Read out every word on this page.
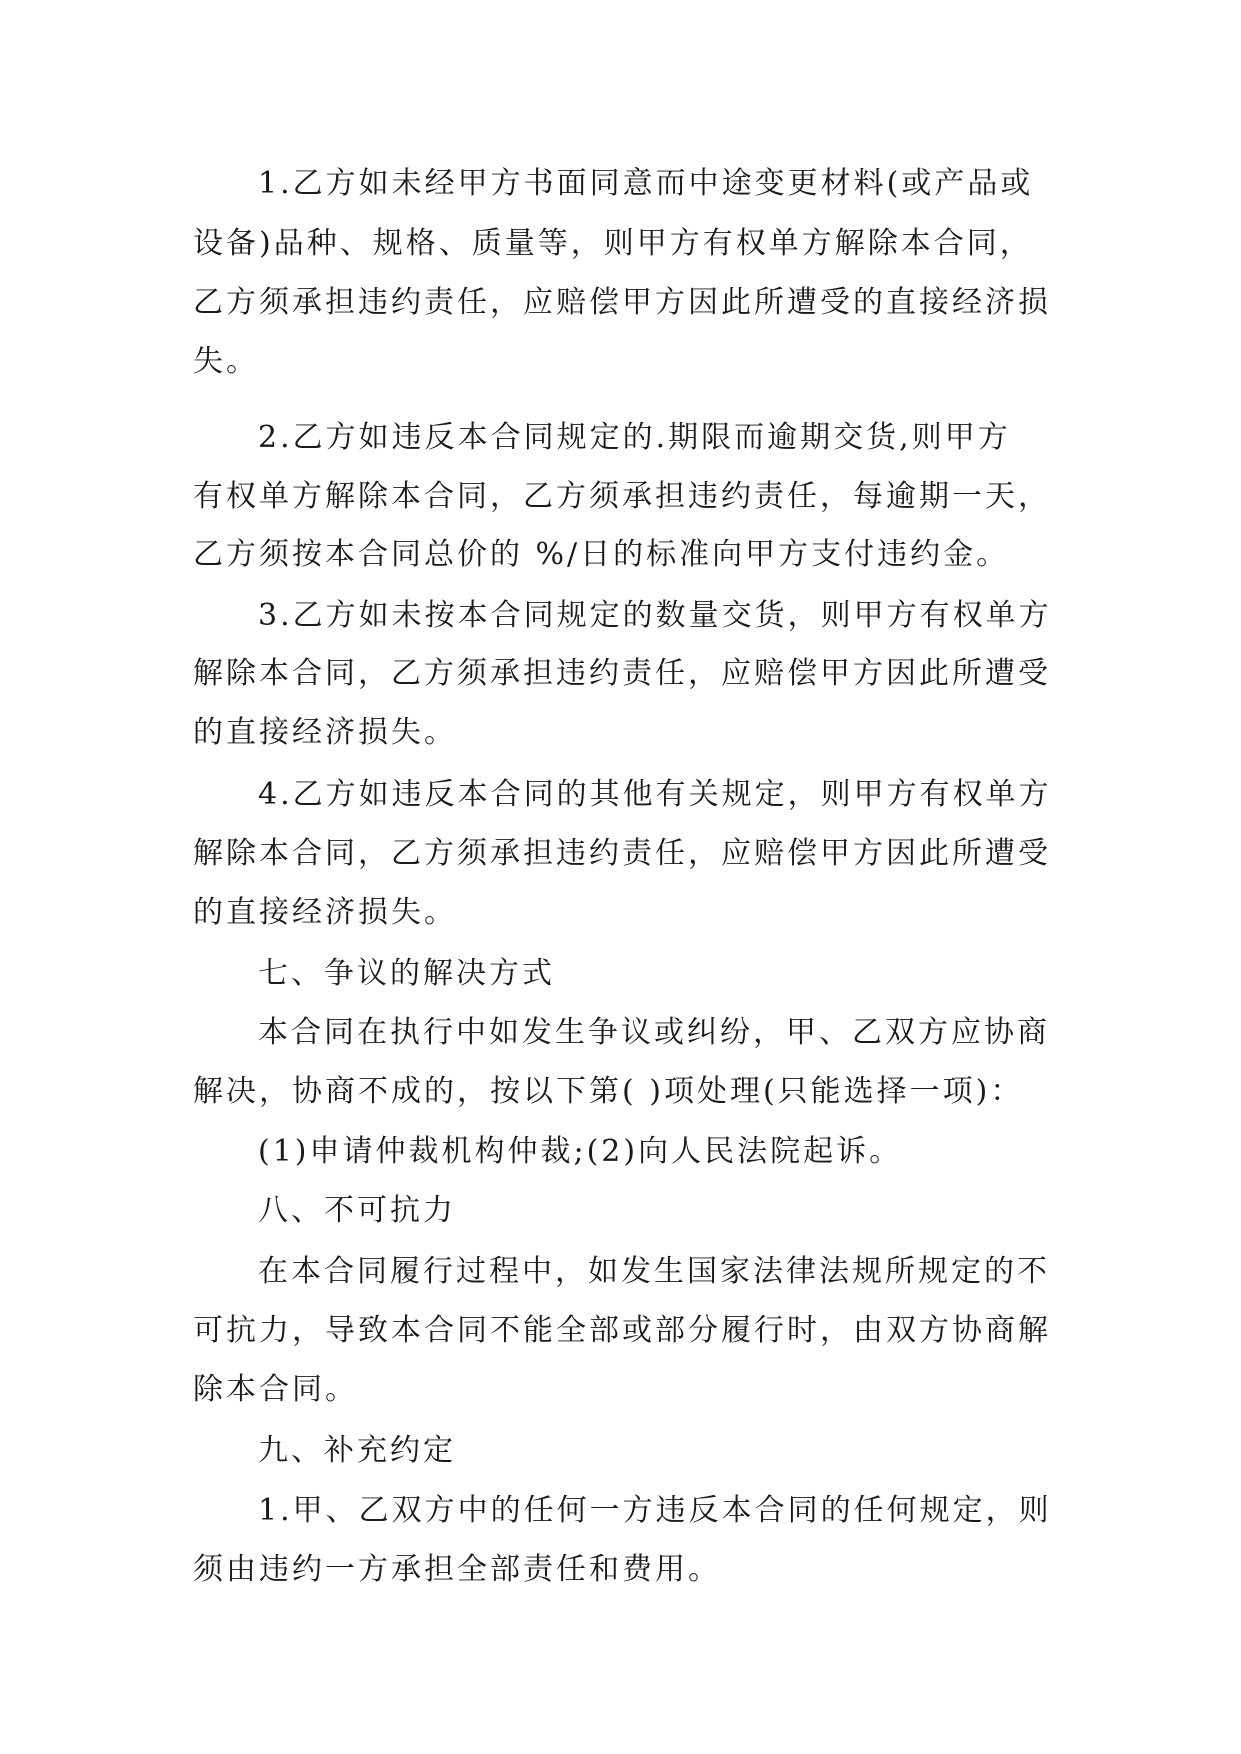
1.乙方如未经甲方书面同意而中途变更材料(或产品或
设备)品种、规格、质量等，则甲方有权单方解除本合同，
乙方须承担违约责任，应赔偿甲方因此所遭受的直接经济损
失。
2.乙方如违反本合同规定的.期限而逾期交货,则甲方
有权单方解除本合同，乙方须承担违约责任，每逾期一天，
乙方须按本合同总价的 %/日的标准向甲方支付违约金。
3.乙方如未按本合同规定的数量交货，则甲方有权单方
解除本合同，乙方须承担违约责任，应赔偿甲方因此所遭受
的直接经济损失。
4.乙方如违反本合同的其他有关规定，则甲方有权单方
解除本合同，乙方须承担违约责任，应赔偿甲方因此所遭受
的直接经济损失。
七、争议的解决方式
本合同在执行中如发生争议或纠纷，甲、乙双方应协商
解决，协商不成的，按以下第( )项处理(只能选择一项)：
(1)申请仲裁机构仲裁;(2)向人民法院起诉。
八、不可抗力
在本合同履行过程中，如发生国家法律法规所规定的不
可抗力，导致本合同不能全部或部分履行时，由双方协商解
除本合同。
九、补充约定
1.甲、乙双方中的任何一方违反本合同的任何规定，则
须由违约一方承担全部责任和费用。
